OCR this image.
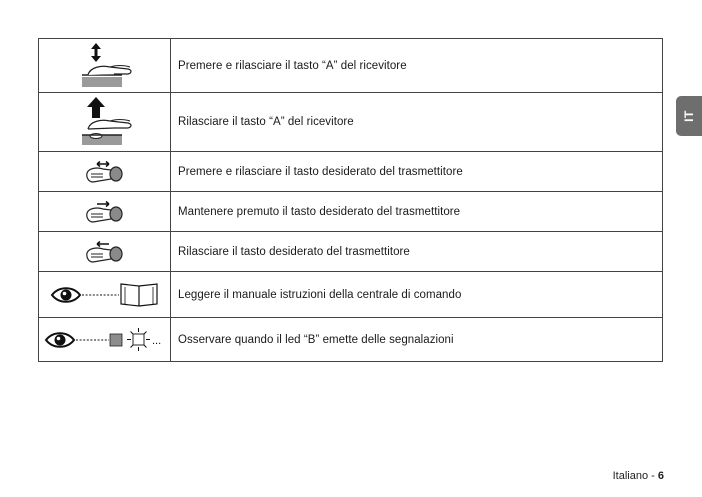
	Premere e rilasciare il tasto “A” del ricevitore

	Rilasciare il tasto “A” del ricevitore

	Premere e rilasciare il tasto desiderato del trasmettitore

	Mantenere premuto il tasto desiderato del trasmettitore

	Rilasciare il tasto desiderato del trasmettitore

	Leggere il manuale istruzioni della centrale di comando

...	Osservare quando il led “B” emette delle segnalazioni
IT
Italiano - 6
